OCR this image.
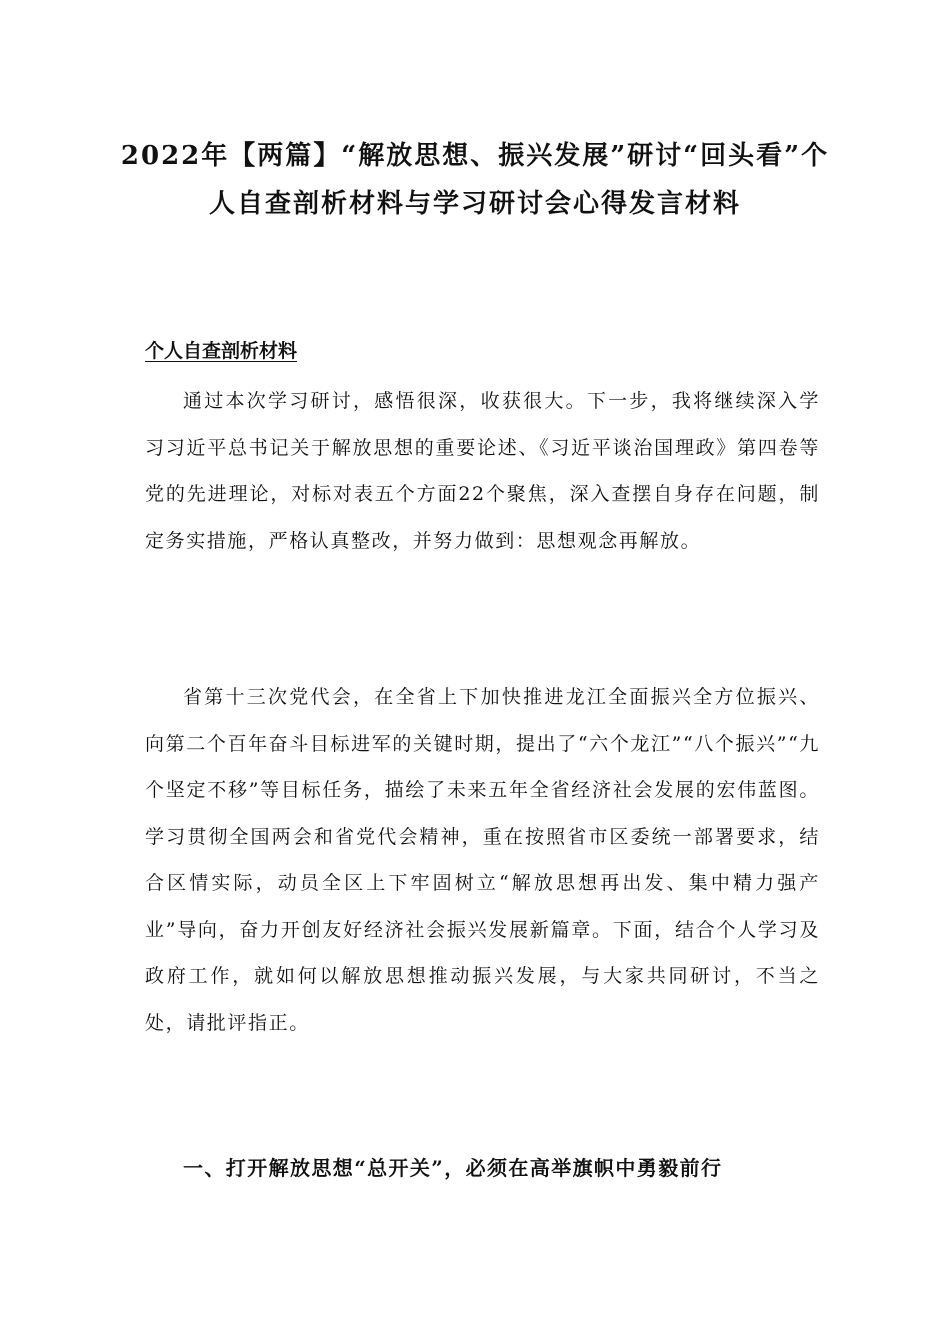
2022年【两篇】“解放思想、振兴发展”研讨“回头看”个人自查剖析材料与学习研讨会心得发言材料
个人自查剖析材料

通过本次学习研讨，感悟很深，收获很大。下一步，我将继续深入学习习近平总书记关于解放思想的重要论述、《习近平谈治国理政》第四卷等党的先进理论，对标对表五个方面22个聚焦，深入查摆自身存在问题，制定务实措施，严格认真整改，并努力做到：思想观念再解放。

省第十三次党代会，在全省上下加快推进龙江全面振兴全方位振兴、向第二个百年奋斗目标进军的关键时期，提出了“六个龙江”“八个振兴”“九个坚定不移”等目标任务，描绘了未来五年全省经济社会发展的宏伟蓝图。学习贯彻全国两会和省党代会精神，重在按照省市区委统一部署要求，结合区情实际，动员全区上下牢固树立“解放思想再出发、集中精力强产业”导向，奋力开创友好经济社会振兴发展新篇章。下面，结合个人学习及政府工作，就如何以解放思想推动振兴发展，与大家共同研讨，不当之处，请批评指正。

一、打开解放思想“总开关”，必须在高举旗帜中勇毅前行
